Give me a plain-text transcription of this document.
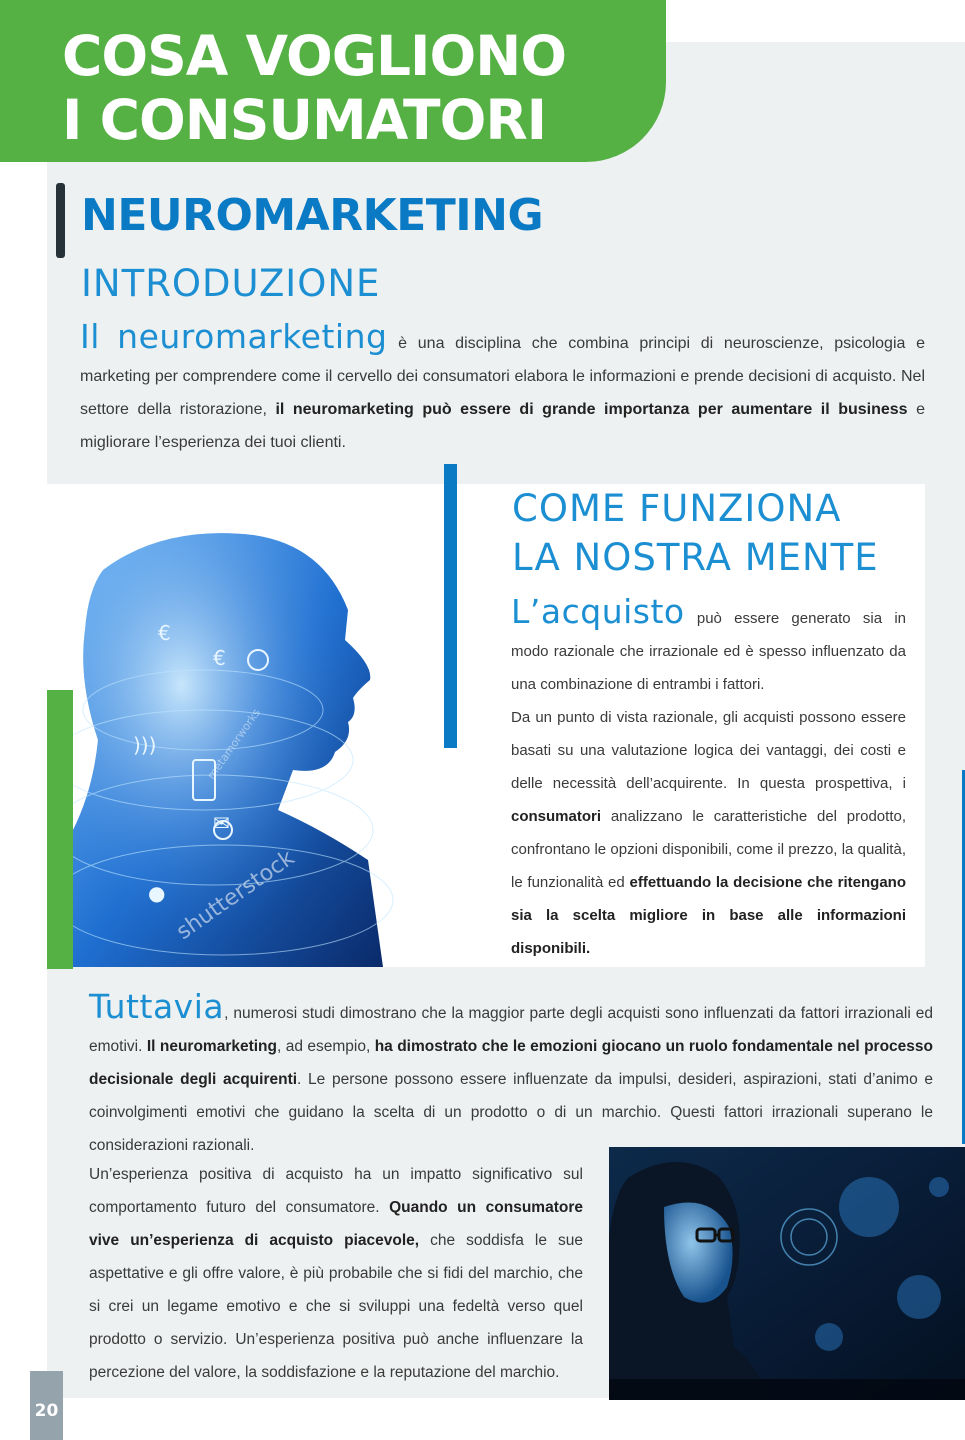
COSA VOGLIONO
I CONSUMATORI
NEUROMARKETING
INTRODUZIONE

Il neuromarketing è una disciplina che combina principi di neuroscienze, psicologia e marketing per comprendere come il cervello dei consumatori elabora le informazioni e prende decisioni di acquisto. Nel settore della ristorazione, il neuromarketing può essere di grande importanza per aumentare il business e migliorare l’esperienza dei tuoi clienti.

€
€
)))
✉
● shutterstock
metamorworks
COME FUNZIONA
LA NOSTRA MENTE

L’acquisto può essere generato sia in modo razionale che irrazionale ed è spesso influenzato da una combinazione di entrambi i fattori.

Da un punto di vista razionale, gli acquisti possono essere basati su una valutazione logica dei vantaggi, dei costi e delle necessità dell’acquirente. In questa prospettiva, i consumatori analizzano le caratteristiche del prodotto, confrontano le opzioni disponibili, come il prezzo, la qualità, le funzionalità ed effettuando la decisione che ritengano sia la scelta migliore in base alle informazioni disponibili.

Tuttavia, numerosi studi dimostrano che la maggior parte degli acquisti sono influenzati da fattori irrazionali ed emotivi. Il neuromarketing, ad esempio, ha dimostrato che le emozioni giocano un ruolo fondamentale nel processo decisionale degli acquirenti. Le persone possono essere influenzate da impulsi, desideri, aspirazioni, stati d’animo e coinvolgimenti emotivi che guidano la scelta di un prodotto o di un marchio. Questi fattori irrazionali superano le considerazioni razionali.

Un’esperienza positiva di acquisto ha un impatto significativo sul comportamento futuro del consumatore. Quando un consumatore vive un’esperienza di acquisto piacevole, che soddisfa le sue aspettative e gli offre valore, è più probabile che si fidi del marchio, che si crei un legame emotivo e che si sviluppi una fedeltà verso quel prodotto o servizio. Un’esperienza positiva può anche influenzare la percezione del valore, la soddisfazione e la reputazione del marchio.

20
